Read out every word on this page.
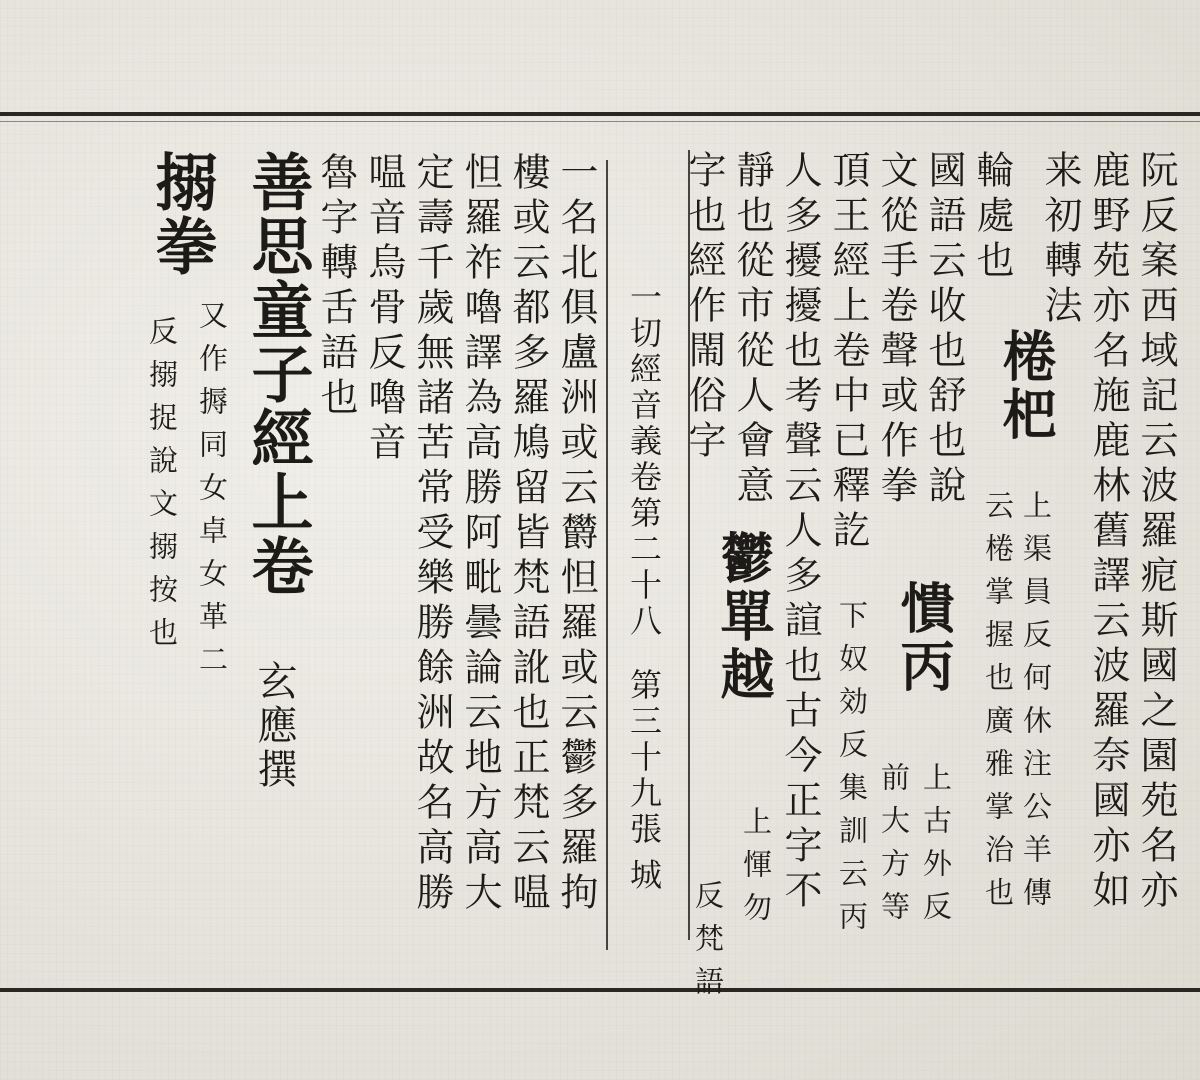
阮反案西域記云波羅痆斯國之園苑名亦
鹿野苑亦名施鹿林舊譯云波羅奈國亦如
来初轉法
輪處也
國語云收也舒也說
文從手卷聲或作拳
頂王經上卷中已釋訖
人多擾擾也考聲云人多諠也古今正字不
靜也從市從人會意
字也經作閙俗字	棬杷
上渠員反何休注公羊傳
云棬掌握也廣雅掌治也
憒丙
上古外反
前大方等
下奴効反集訓云丙
鬱單越
上惲勿
反梵語
一切經音義卷第二十八
第三十九張
城
一名北俱盧洲或云欝怛羅或云鬱多羅拘
樓或云都多羅鳩留皆梵語訛也正梵云嗢
怛羅祚嚕譯為高勝阿毗曇論云地方高大
定壽千歲無諸苦常受樂勝餘洲故名高勝
嗢音烏骨反嚕音
魯字轉舌語也
善思童子經上卷
玄應撰
搦拳
又作搙同女卓女革二
反搦捉說文搦按也
